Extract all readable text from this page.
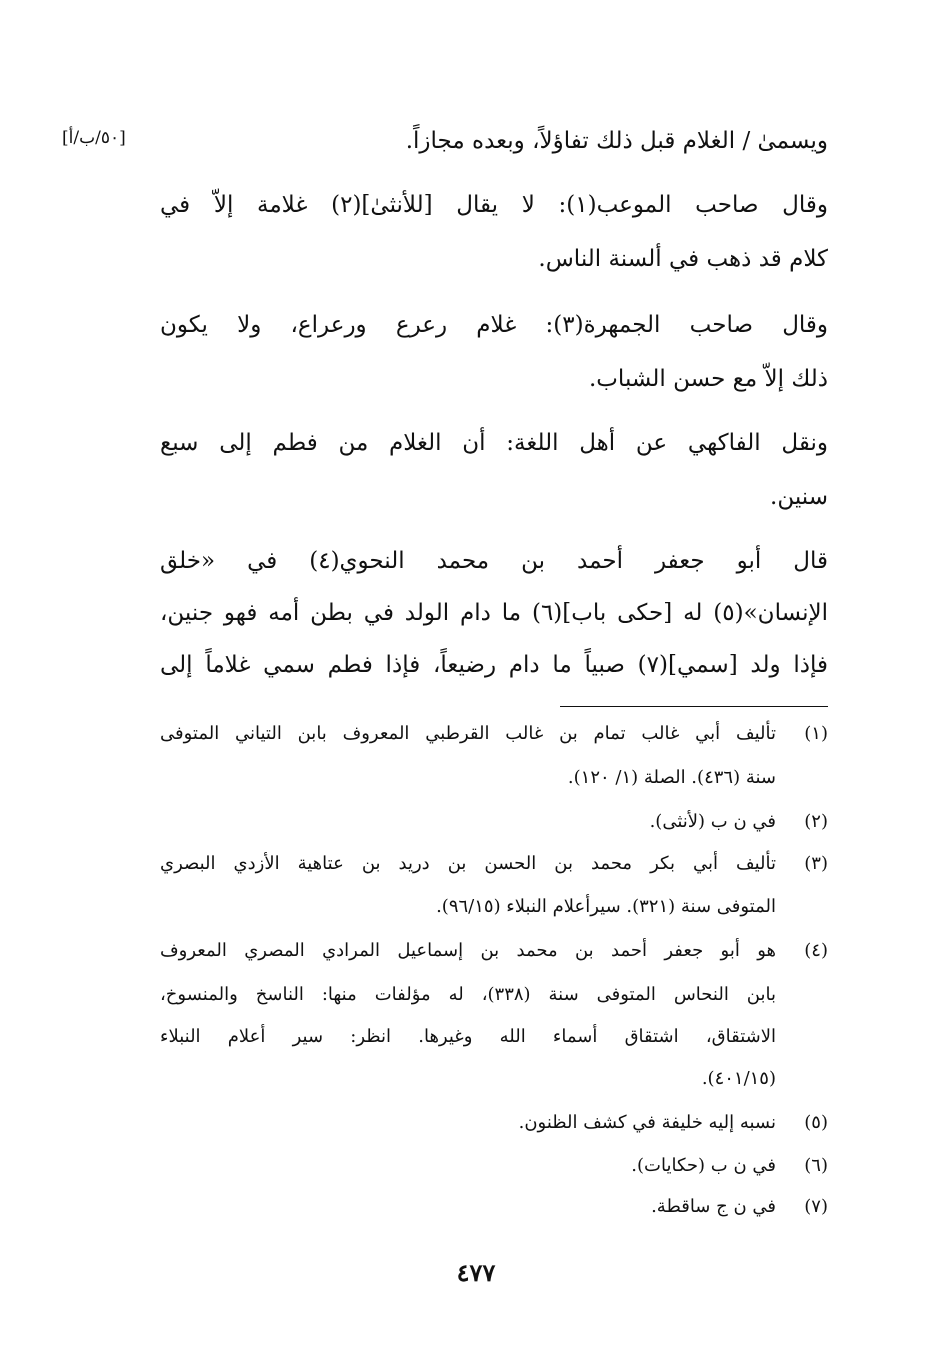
[٥٠/ب/أ]	ويسمىٰ / الغلام قبل ذلك تفاؤلاً، وبعده مجازاً.
وقال صاحب الموعب(١): لا يقال [للأنثىٰ](٢) غلامة إلاّ في
كلام قد ذهب في ألسنة الناس.
وقال صاحب الجمهرة(٣): غلام رعرع ورعراع، ولا يكون
ذلك إلاّ مع حسن الشباب.
ونقل الفاكهي عن أهل اللغة: أن الغلام من فطم إلى سبع
سنين.
قال أبو جعفر أحمد بن محمد النحوي(٤) في «خلق
الإنسان»(٥) له [حكى باب](٦) ما دام الولد في بطن أمه فهو جنين،
فإذا ولد [سمي](٧) صبياً ما دام رضيعاً، فإذا فطم سمي غلاماً إلى
(١)
تأليف أبي غالب تمام بن غالب القرطبي المعروف بابن التياني المتوفى
سنة (٤٣٦). الصلة (١/ ١٢٠).
(٢)
في ن ب (لأنثى).
(٣)
تأليف أبي بكر محمد بن الحسن بن دريد بن عتاهية الأزدي البصري
المتوفى سنة (٣٢١). سيرأعلام النبلاء (٩٦/١٥).
(٤)
هو أبو جعفر أحمد بن محمد بن إسماعيل المرادي المصري المعروف
بابن النحاس المتوفى سنة (٣٣٨)، له مؤلفات منها: الناسخ والمنسوخ،
الاشتقاق، اشتقاق أسماء الله وغيرها. انظر: سير أعلام النبلاء
(٤٠١/١٥).
(٥)
نسبه إليه خليفة في كشف الظنون.
(٦)
في ن ب (حكايات).
(٧)
في ن ج ساقطة.
٤٧٧
